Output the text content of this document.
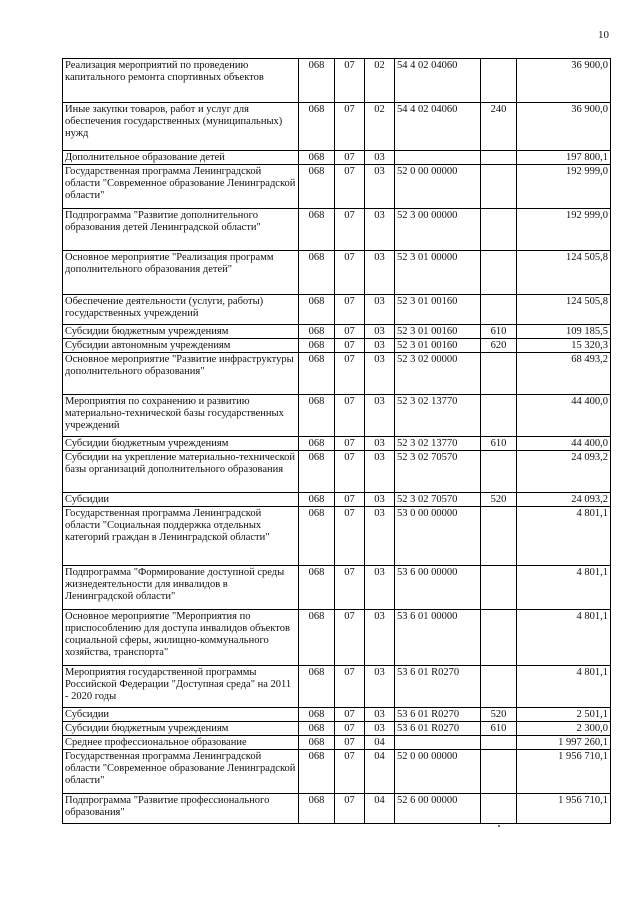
10
Реализация мероприятий по проведению капитального ремонта спортивных объектов	068	07	02	54 4 02 04060		36 900,0
Иные закупки товаров, работ и услуг для обеспечения государственных (муниципальных) нужд	068	07	02	54 4 02 04060	240	36 900,0
Дополнительное образование детей	068	07	03			197 800,1
Государственная программа Ленинградской области "Современное образование Ленинградской области"	068	07	03	52 0 00 00000		192 999,0
Подпрограмма "Развитие дополнительного образования детей Ленинградской области"	068	07	03	52 3 00 00000		192 999,0
Основное мероприятие "Реализация программ дополнительного образования детей"	068	07	03	52 3 01 00000		124 505,8
Обеспечение деятельности (услуги, работы) государственных учреждений	068	07	03	52 3 01 00160		124 505,8
Субсидии бюджетным учреждениям	068	07	03	52 3 01 00160	610	109 185,5
Субсидии автономным учреждениям	068	07	03	52 3 01 00160	620	15 320,3
Основное мероприятие "Развитие инфраструктуры дополнительного образования"	068	07	03	52 3 02 00000		68 493,2
Мероприятия по сохранению и развитию материально-технической базы государственных учреждений	068	07	03	52 3 02 13770		44 400,0
Субсидии бюджетным учреждениям	068	07	03	52 3 02 13770	610	44 400,0
Субсидии на укрепление материально-технической базы организаций дополнительного образования	068	07	03	52 3 02 70570		24 093,2
Субсидии	068	07	03	52 3 02 70570	520	24 093,2
Государственная программа Ленинградской области "Социальная поддержка отдельных категорий граждан в Ленинградской области"	068	07	03	53 0 00 00000		4 801,1
Подпрограмма "Формирование доступной среды жизнедеятельности для инвалидов в Ленинградской области"	068	07	03	53 6 00 00000		4 801,1
Основное мероприятие "Мероприятия по приспособлению для доступа инвалидов объектов социальной сферы, жилищно-коммунального хозяйства, транспорта"	068	07	03	53 6 01 00000		4 801,1
Мероприятия государственной программы Российской Федерации "Доступная среда" на 2011 - 2020 годы	068	07	03	53 6 01 R0270		4 801,1
Субсидии	068	07	03	53 6 01 R0270	520	2 501,1
Субсидии бюджетным учреждениям	068	07	03	53 6 01 R0270	610	2 300,0
Среднее профессиональное образование	068	07	04			1 997 260,1
Государственная программа Ленинградской области "Современное образование Ленинградской области"	068	07	04	52 0 00 00000		1 956 710,1
Подпрограмма "Развитие профессионального образования"	068	07	04	52 6 00 00000		1 956 710,1
